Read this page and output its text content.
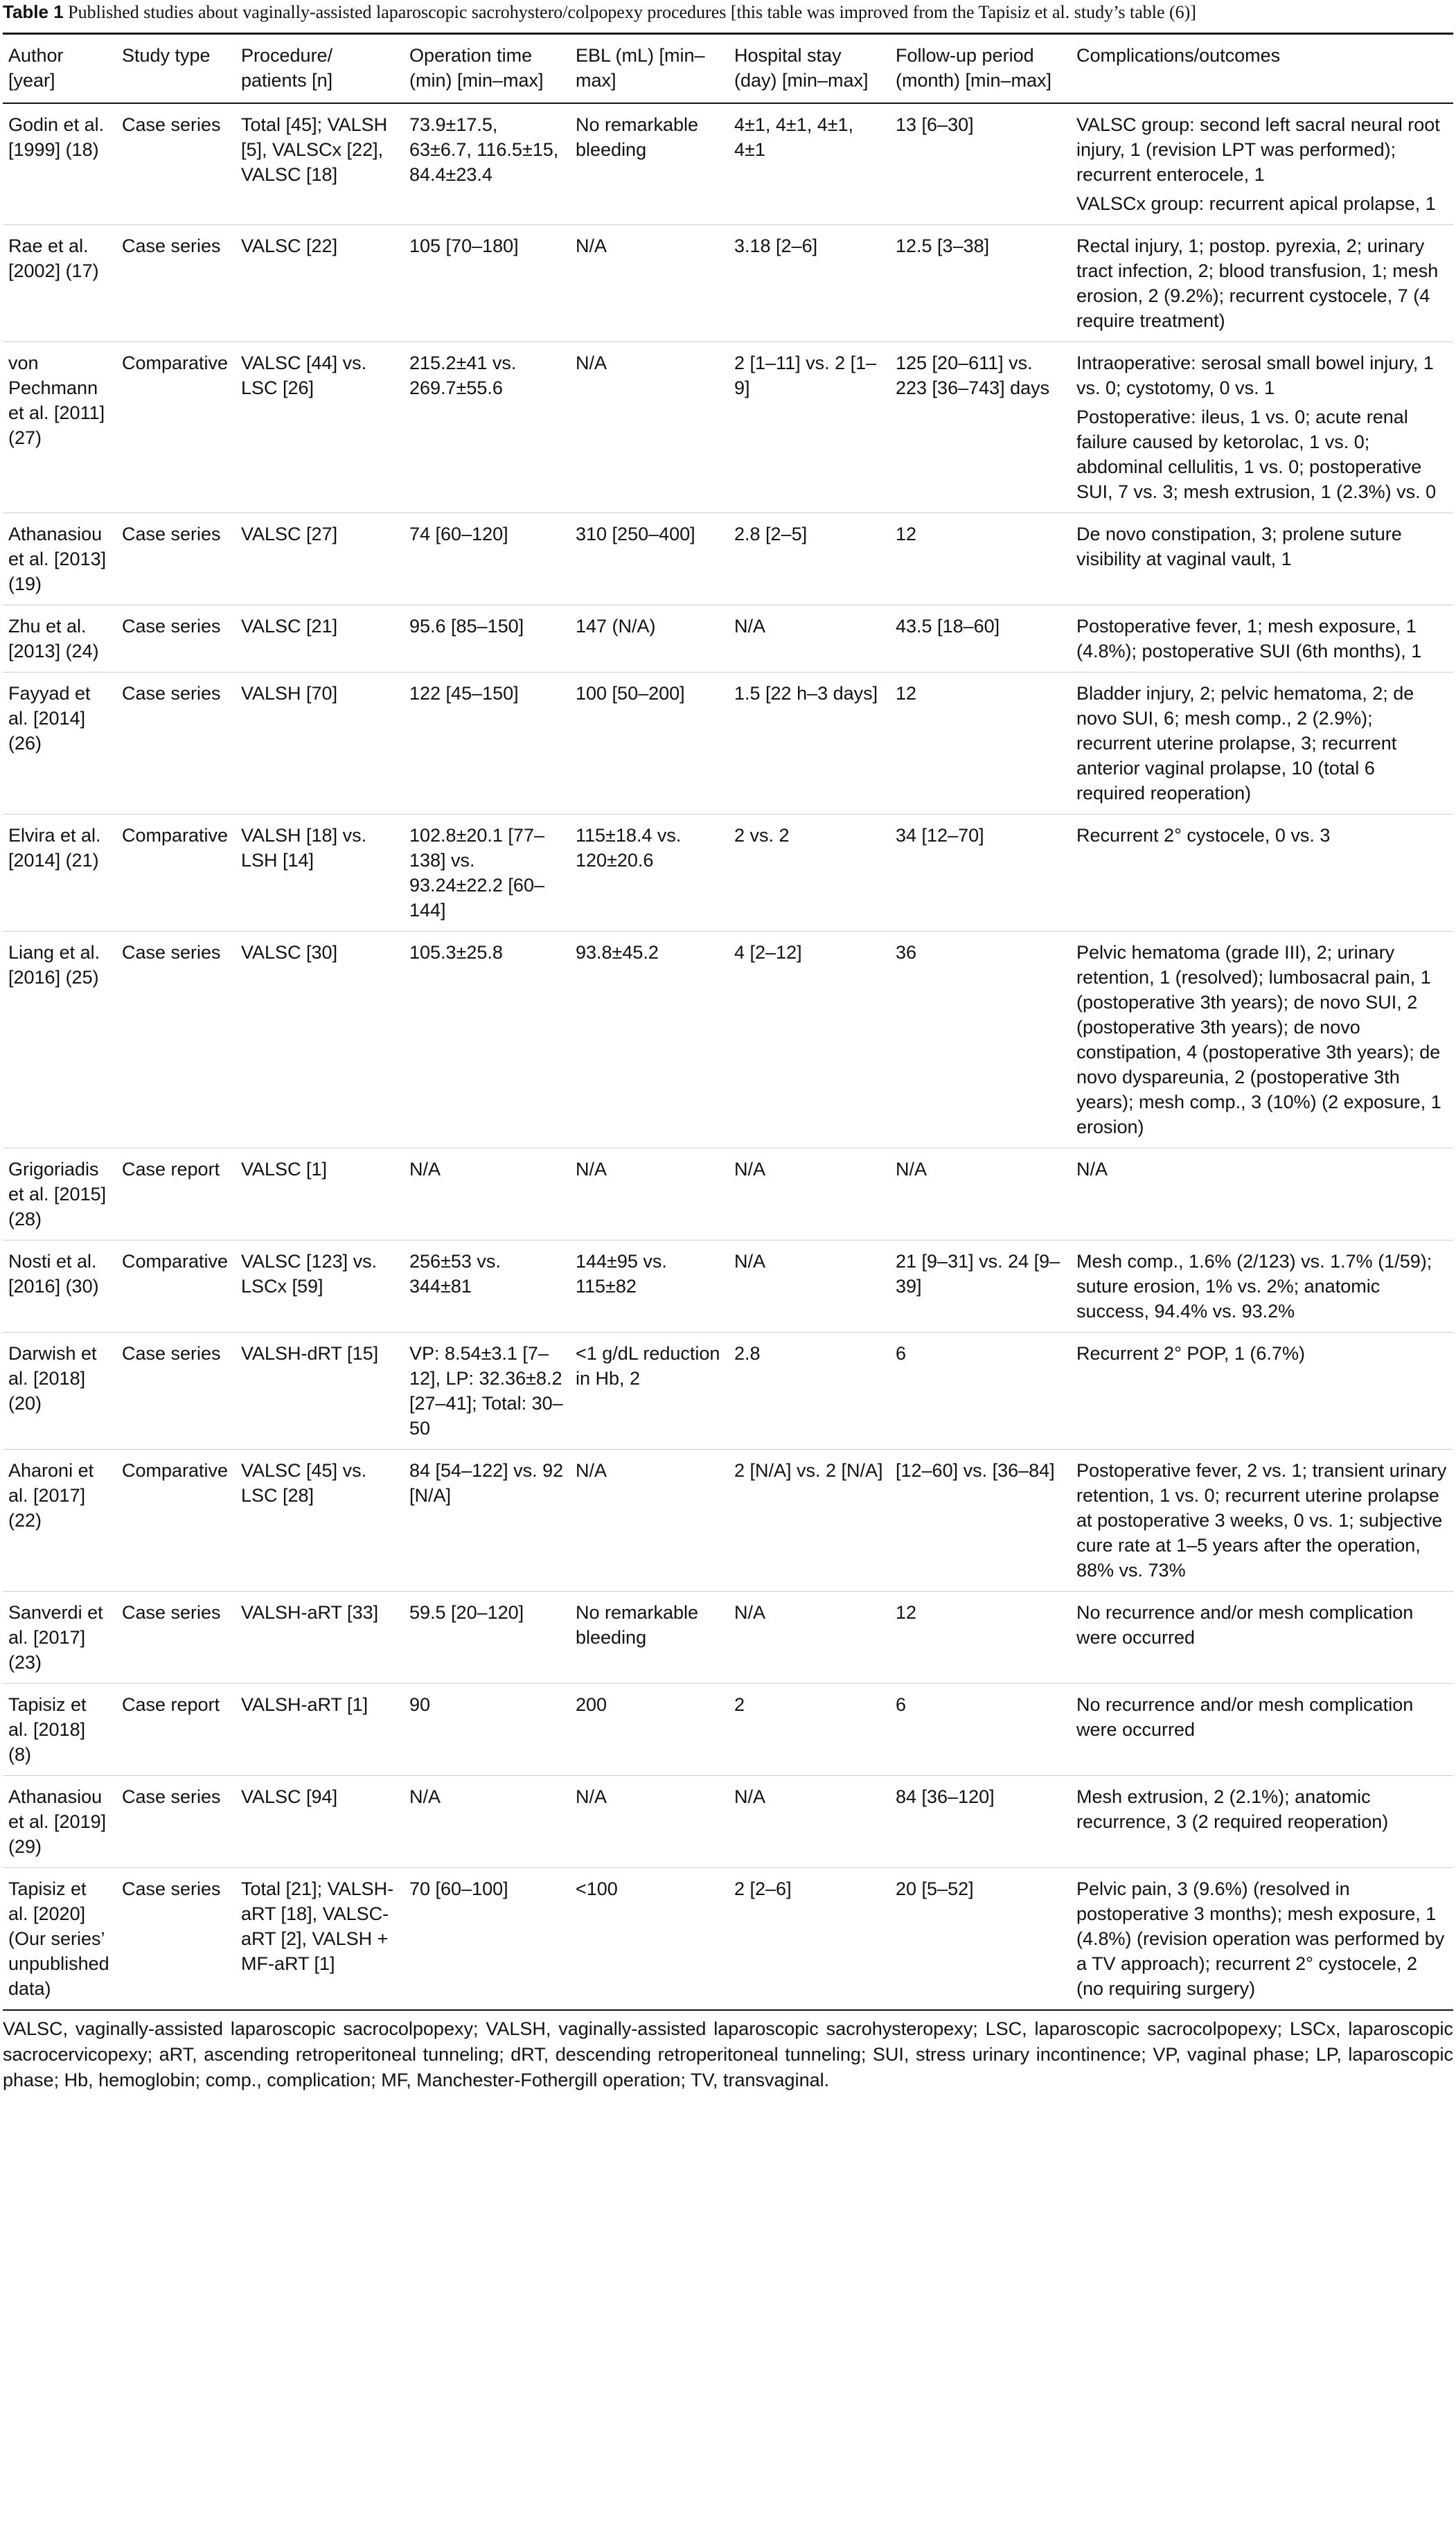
Table 1 Published studies about vaginally-assisted laparoscopic sacrohystero/colpopexy procedures [this table was improved from the Tapisiz et al. study’s table (6)]
Author [year]	Study type	Procedure/ patients [n]	Operation time (min) [min–max]	EBL (mL) [min–max]	Hospital stay (day) [min–max]	Follow-up period (month) [min–max]	Complications/outcomes
Godin et al. [1999] (18)	Case series	Total [45]; VALSH [5], VALSCx [22], VALSC [18]	73.9±17.5, 63±6.7, 116.5±15, 84.4±23.4	No remarkable bleeding	4±1, 4±1, 4±1, 4±1	13 [6–30]	VALSC group: second left sacral neural root injury, 1 (revision LPT was performed); recurrent enterocele, 1
VALSCx group: recurrent apical prolapse, 1

Rae et al. [2002] (17)	Case series	VALSC [22]	105 [70–180]	N/A	3.18 [2–6]	12.5 [3–38]	Rectal injury, 1; postop. pyrexia, 2; urinary tract infection, 2; blood transfusion, 1; mesh erosion, 2 (9.2%); recurrent cystocele, 7 (4 require treatment)
von Pechmann et al. [2011] (27)	Comparative	VALSC [44] vs. LSC [26]	215.2±41 vs. 269.7±55.6	N/A	2 [1–11] vs. 2 [1–9]	125 [20–611] vs. 223 [36–743] days	Intraoperative: serosal small bowel injury, 1 vs. 0; cystotomy, 0 vs. 1
Postoperative: ileus, 1 vs. 0; acute renal failure caused by ketorolac, 1 vs. 0; abdominal cellulitis, 1 vs. 0; postoperative SUI, 7 vs. 3; mesh extrusion, 1 (2.3%) vs. 0

Athanasiou et al. [2013] (19)	Case series	VALSC [27]	74 [60–120]	310 [250–400]	2.8 [2–5]	12	De novo constipation, 3; prolene suture visibility at vaginal vault, 1
Zhu et al. [2013] (24)	Case series	VALSC [21]	95.6 [85–150]	147 (N/A)	N/A	43.5 [18–60]	Postoperative fever, 1; mesh exposure, 1 (4.8%); postoperative SUI (6th months), 1
Fayyad et al. [2014] (26)	Case series	VALSH [70]	122 [45–150]	100 [50–200]	1.5 [22 h–3 days]	12	Bladder injury, 2; pelvic hematoma, 2; de novo SUI, 6; mesh comp., 2 (2.9%); recurrent uterine prolapse, 3; recurrent anterior vaginal prolapse, 10 (total 6 required reoperation)
Elvira et al. [2014] (21)	Comparative	VALSH [18] vs. LSH [14]	102.8±20.1 [77–138] vs. 93.24±22.2 [60–144]	115±18.4 vs. 120±20.6	2 vs. 2	34 [12–70]	Recurrent 2° cystocele, 0 vs. 3
Liang et al. [2016] (25)	Case series	VALSC [30]	105.3±25.8	93.8±45.2	4 [2–12]	36	Pelvic hematoma (grade III), 2; urinary retention, 1 (resolved); lumbosacral pain, 1 (postoperative 3th years); de novo SUI, 2 (postoperative 3th years); de novo constipation, 4 (postoperative 3th years); de novo dyspareunia, 2 (postoperative 3th years); mesh comp., 3 (10%) (2 exposure, 1 erosion)
Grigoriadis et al. [2015] (28)	Case report	VALSC [1]	N/A	N/A	N/A	N/A	N/A
Nosti et al. [2016] (30)	Comparative	VALSC [123] vs. LSCx [59]	256±53 vs. 344±81	144±95 vs. 115±82	N/A	21 [9–31] vs. 24 [9–39]	Mesh comp., 1.6% (2/123) vs. 1.7% (1/59); suture erosion, 1% vs. 2%; anatomic success, 94.4% vs. 93.2%
Darwish et al. [2018] (20)	Case series	VALSH-dRT [15]	VP: 8.54±3.1 [7–12], LP: 32.36±8.2 [27–41]; Total: 30–50	<1 g/dL reduction in Hb, 2	2.8	6	Recurrent 2° POP, 1 (6.7%)
Aharoni et al. [2017] (22)	Comparative	VALSC [45] vs. LSC [28]	84 [54–122] vs. 92 [N/A]	N/A	2 [N/A] vs. 2 [N/A]	[12–60] vs. [36–84]	Postoperative fever, 2 vs. 1; transient urinary retention, 1 vs. 0; recurrent uterine prolapse at postoperative 3 weeks, 0 vs. 1; subjective cure rate at 1–5 years after the operation, 88% vs. 73%
Sanverdi et al. [2017] (23)	Case series	VALSH-aRT [33]	59.5 [20–120]	No remarkable bleeding	N/A	12	No recurrence and/or mesh complication were occurred
Tapisiz et al. [2018] (8)	Case report	VALSH-aRT [1]	90	200	2	6	No recurrence and/or mesh complication were occurred
Athanasiou et al. [2019] (29)	Case series	VALSC [94]	N/A	N/A	N/A	84 [36–120]	Mesh extrusion, 2 (2.1%); anatomic recurrence, 3 (2 required reoperation)
Tapisiz et al. [2020] (Our series’ unpublished data)	Case series	Total [21]; VALSH-aRT [18], VALSC-aRT [2], VALSH + MF-aRT [1]	70 [60–100]	<100	2 [2–6]	20 [5–52]	Pelvic pain, 3 (9.6%) (resolved in postoperative 3 months); mesh exposure, 1 (4.8%) (revision operation was performed by a TV approach); recurrent 2° cystocele, 2 (no requiring surgery)
VALSC, vaginally-assisted laparoscopic sacrocolpopexy; VALSH, vaginally-assisted laparoscopic sacrohysteropexy; LSC, laparoscopic sacrocolpopexy; LSCx, laparoscopic sacrocervicopexy; aRT, ascending retroperitoneal tunneling; dRT, descending retroperitoneal tunneling; SUI, stress urinary incontinence; VP, vaginal phase; LP, laparoscopic phase; Hb, hemoglobin; comp., complication; MF, Manchester-Fothergill operation; TV, transvaginal.
